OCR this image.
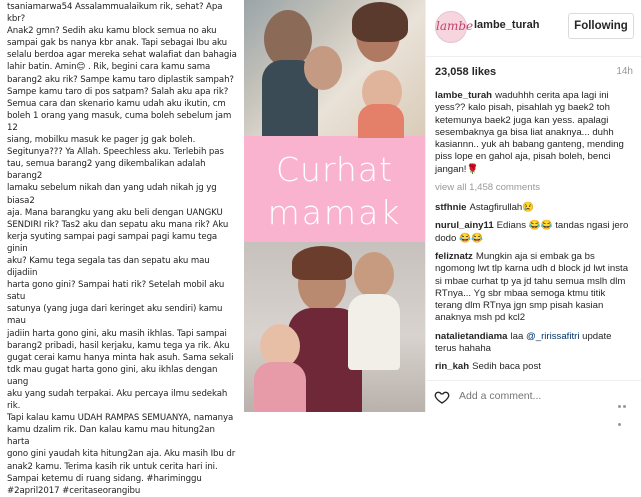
tsaniamarwa54 Assalammualaikum rik, sehat? Apa kbr?
Anak2 gmn? Sedih aku kamu block semua no aku
sampai gak bs nanya kbr anak. Tapi sebagai Ibu aku
selalu berdoa agar mereka sehat walafiat dan bahagia
lahir batin. Amin😊 . Rik, begini cara kamu sama
barang2 aku rik? Sampe kamu taro diplastik sampah?
Sampe kamu taro di pos satpam? Salah aku apa rik?
Semua cara dan skenario kamu udah aku ikutin, cm
boleh 1 orang yang masuk, cuma boleh sebelum jam 12
siang, mobilku masuk ke pager jg gak boleh.
Segitunya??? Ya Allah. Speechless aku. Terlebih pas
tau, semua barang2 yang dikembalikan adalah barang2
lamaku sebelum nikah dan yang udah nikah jg yg biasa2
aja. Mana barangku yang aku beli dengan UANGKU
SENDIRI rik? Tas2 aku dan sepatu aku mana rik? Aku
kerja syuting sampai pagi sampai pagi kamu tega ginin
aku? Kamu tega segala tas dan sepatu aku mau dijadiin
harta gono gini? Sampai hati rik? Setelah mobil aku satu
satunya (yang juga dari keringet aku sendiri) kamu mau
jadiin harta gono gini, aku masih ikhlas. Tapi sampai
barang2 pribadi, hasil kerjaku, kamu tega ya rik. Aku
gugat cerai kamu hanya minta hak asuh. Sama sekali
tdk mau gugat harta gono gini, aku ikhlas dengan uang
aku yang sudah terpakai. Aku percaya ilmu sedekah rik.
Tapi kalau kamu UDAH RAMPAS SEMUANYA, namanya
kamu dzalim rik. Dan kalau kamu mau hitung2an harta
gono gini yaudah kita hitung2an aja. Aku masih Ibu dr
anak2 kamu. Terima kasih rik untuk cerita hari ini.
Sampai ketemu di ruang sidang. #hariminggu
#2april2017 #ceritaseorangibu
Curhat
mamak
lambe lambe_turah	Following
23,058 likes	14h
lambe_turah waduhhh cerita apa lagi ini yess?? kalo pisah, pisahlah yg baek2 toh ketemunya baek2 juga kan yess. apalagi sesembaknya ga bisa liat anaknya... duhh kasiannn.. yuk ah babang ganteng, mending piss lope en gahol aja, pisah boleh, benci jangan!🌹
view all 1,458 comments
stfhnie Astagfirullah😢
nurul_ainy11 Edians 😂😂 tandas ngasi jero dodo 😂😂
feliznatz Mungkin aja si embak ga bs ngomong lwt tlp karna udh d block jd lwt insta si mbae curhat tp ya jd tahu semua mslh dlm RTnya... Yg sbr mbaa semoga ktmu titik terang dlm RTnya jgn smp pisah kasian anaknya msh pd kcl2
natalietandiama laa @_ririssafitri update terus hahaha
rin_kah Sedih baca post
Add a comment...
